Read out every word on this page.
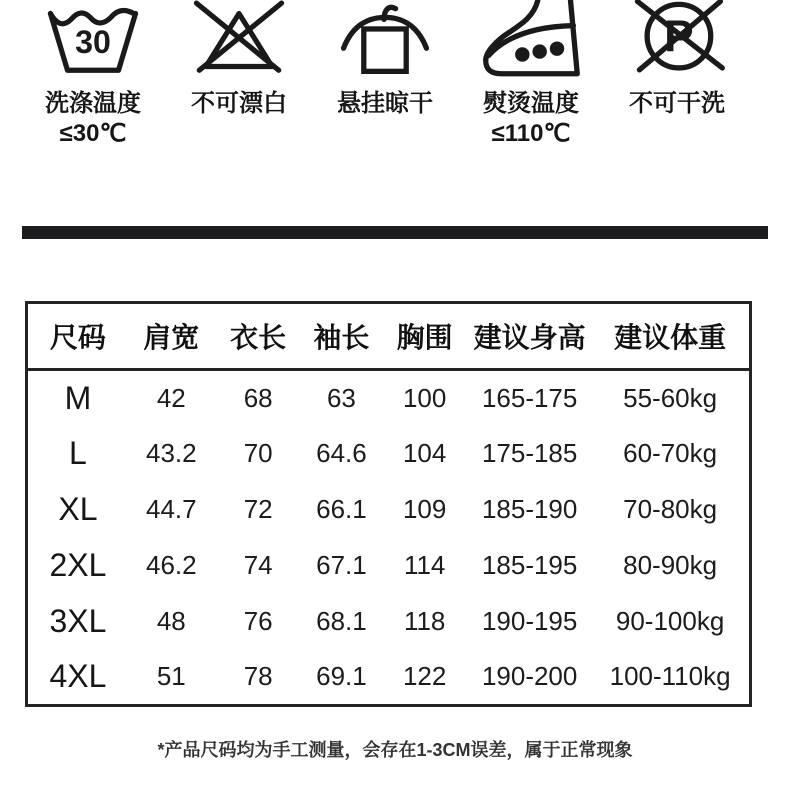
30
洗涤温度
≤30℃
不可漂白 悬挂晾干 熨烫温度
≤110℃
P
不可干洗
尺码	肩宽	衣长	袖长	胸围	建议身高	建议体重
M	42	68	63	100	165-175	55-60kg
L	43.2	70	64.6	104	175-185	60-70kg
XL	44.7	72	66.1	109	185-190	70-80kg
2XL	46.2	74	67.1	114	185-195	80-90kg
3XL	48	76	68.1	118	190-195	90-100kg
4XL	51	78	69.1	122	190-200	100-110kg
*产品尺码均为手工测量，会存在1-3CM误差，属于正常现象
